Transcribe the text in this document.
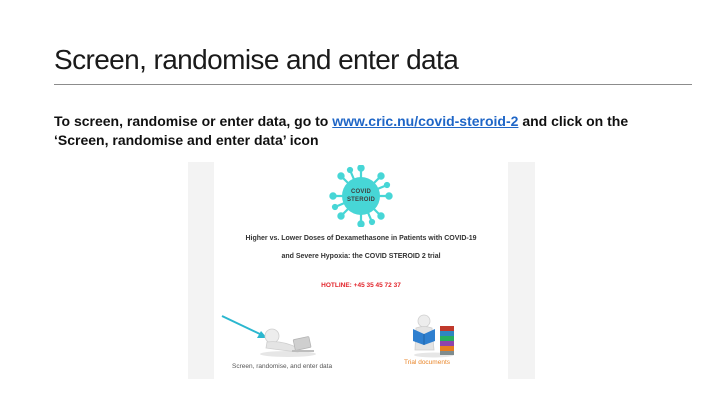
Screen, randomise and enter data

To screen, randomise or enter data, go to www.cric.nu/covid-steroid-2 and click on the ‘Screen, randomise and enter data’ icon

COVID
STEROID
Higher vs. Lower Doses of Dexamethasone in Patients with COVID-19
and Severe Hypoxia: the COVID STEROID 2 trial
HOTLINE: +45 35 45 72 37
Screen, randomise, and enter data
Trial documents
